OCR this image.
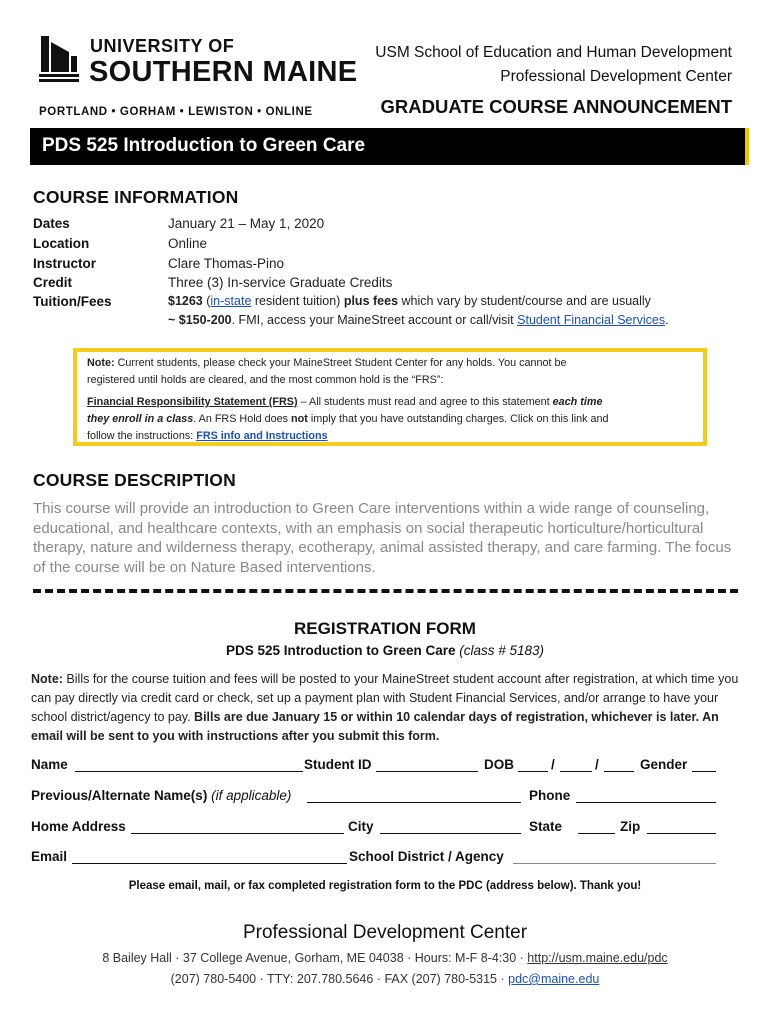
UNIVERSITY OF
SOUTHERN MAINE
PORTLAND • GORHAM • LEWISTON • ONLINE
USM School of Education and Human Development
Professional Development Center
GRADUATE COURSE ANNOUNCEMENT
PDS 525 Introduction to Green Care
COURSE INFORMATION
Dates	January 21 – May 1, 2020
Location	Online
Instructor	Clare Thomas-Pino
Credit	Three (3) In-service Graduate Credits
Tuition/Fees	$1263 (in-state resident tuition) plus fees which vary by student/course and are usually
~ $150-200. FMI, access your MaineStreet account or call/visit Student Financial Services.
Note: Current students, please check your MaineStreet Student Center for any holds. You cannot be
registered until holds are cleared, and the most common hold is the “FRS”:
Financial Responsibility Statement (FRS) – All students must read and agree to this statement each time
they enroll in a class. An FRS Hold does not imply that you have outstanding charges. Click on this link and
follow the instructions: FRS info and Instructions
COURSE DESCRIPTION
This course will provide an introduction to Green Care interventions within a wide range of counseling, educational, and healthcare contexts, with an emphasis on social therapeutic horticulture/horticultural therapy, nature and wilderness therapy, ecotherapy, animal assisted therapy, and care farming. The focus of the course will be on Nature Based interventions.
REGISTRATION FORM
PDS 525 Introduction to Green Care (class # 5183)
Note: Bills for the course tuition and fees will be posted to your MaineStreet student account after registration, at which time you can pay directly via credit card or check, set up a payment plan with Student Financial Services, and/or arrange to have your school district/agency to pay. Bills are due January 15 or within 10 calendar days of registration, whichever is later. An email will be sent to you with instructions after you submit this form.
Name	Student ID	DOB	/	/	Gender
Previous/Alternate Name(s) (if applicable)	Phone
Home Address	City	State	Zip
Email	School District / Agency
Please email, mail, or fax completed registration form to the PDC (address below). Thank you!
Professional Development Center
8 Bailey Hall · 37 College Avenue, Gorham, ME 04038 · Hours: M-F 8-4:30 · http://usm.maine.edu/pdc
(207) 780-5400 · TTY: 207.780.5646 · FAX (207) 780-5315 · pdc@maine.edu
